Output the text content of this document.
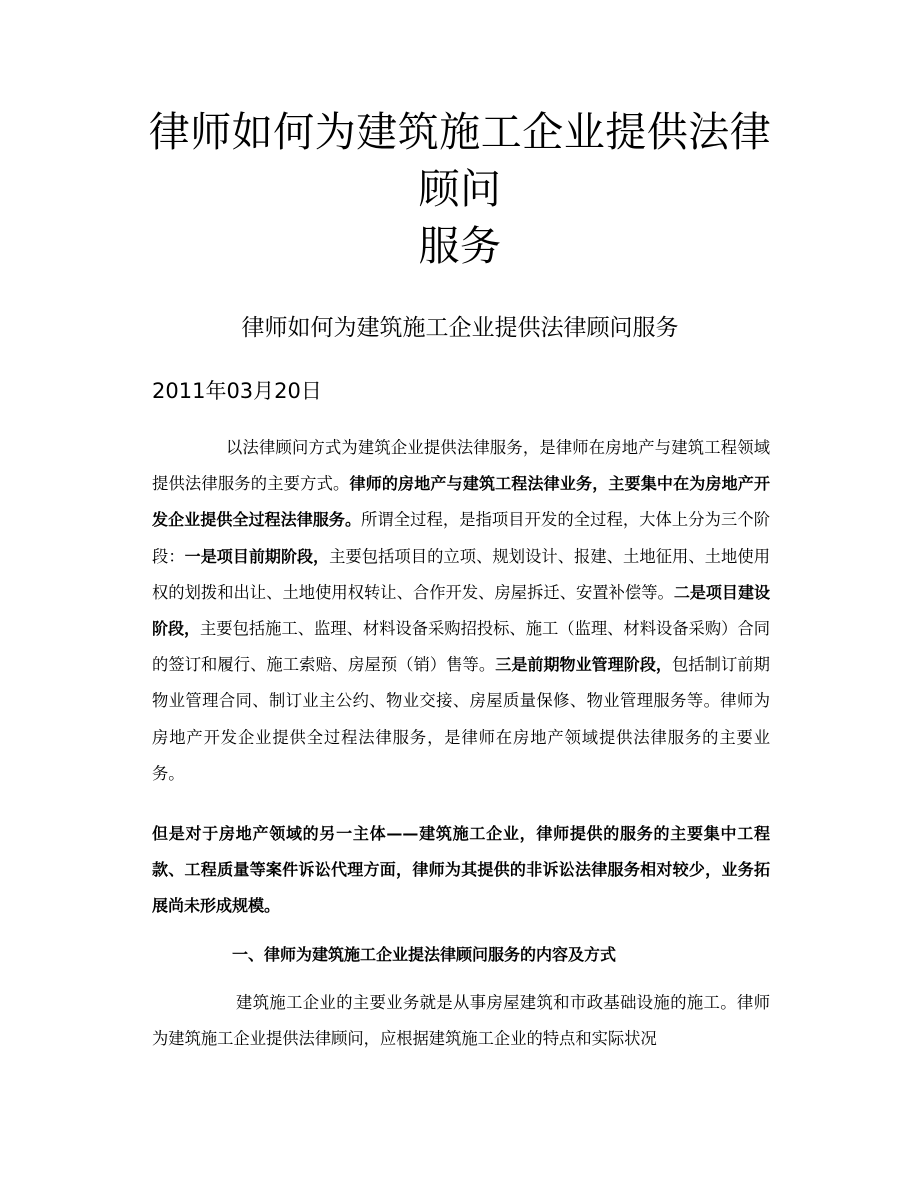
律师如何为建筑施工企业提供法律顾问
服务
律师如何为建筑施工企业提供法律顾问服务

2011年03月20日

以法律顾问方式为建筑企业提供法律服务，是律师在房地产与建筑工程领域提供法律服务的主要方式。律师的房地产与建筑工程法律业务，主要集中在为房地产开发企业提供全过程法律服务。所谓全过程，是指项目开发的全过程，大体上分为三个阶段：一是项目前期阶段，主要包括项目的立项、规划设计、报建、土地征用、土地使用权的划拨和出让、土地使用权转让、合作开发、房屋拆迁、安置补偿等。二是项目建设阶段，主要包括施工、监理、材料设备采购招投标、施工（监理、材料设备采购）合同的签订和履行、施工索赔、房屋预（销）售等。三是前期物业管理阶段，包括制订前期物业管理合同、制订业主公约、物业交接、房屋质量保修、物业管理服务等。律师为房地产开发企业提供全过程法律服务，是律师在房地产领域提供法律服务的主要业务。

但是对于房地产领域的另一主体——建筑施工企业，律师提供的服务的主要集中工程款、工程质量等案件诉讼代理方面，律师为其提供的非诉讼法律服务相对较少，业务拓展尚未形成规模。

一、律师为建筑施工企业提法律顾问服务的内容及方式

建筑施工企业的主要业务就是从事房屋建筑和市政基础设施的施工。律师为建筑施工企业提供法律顾问，应根据建筑施工企业的特点和实际状况
